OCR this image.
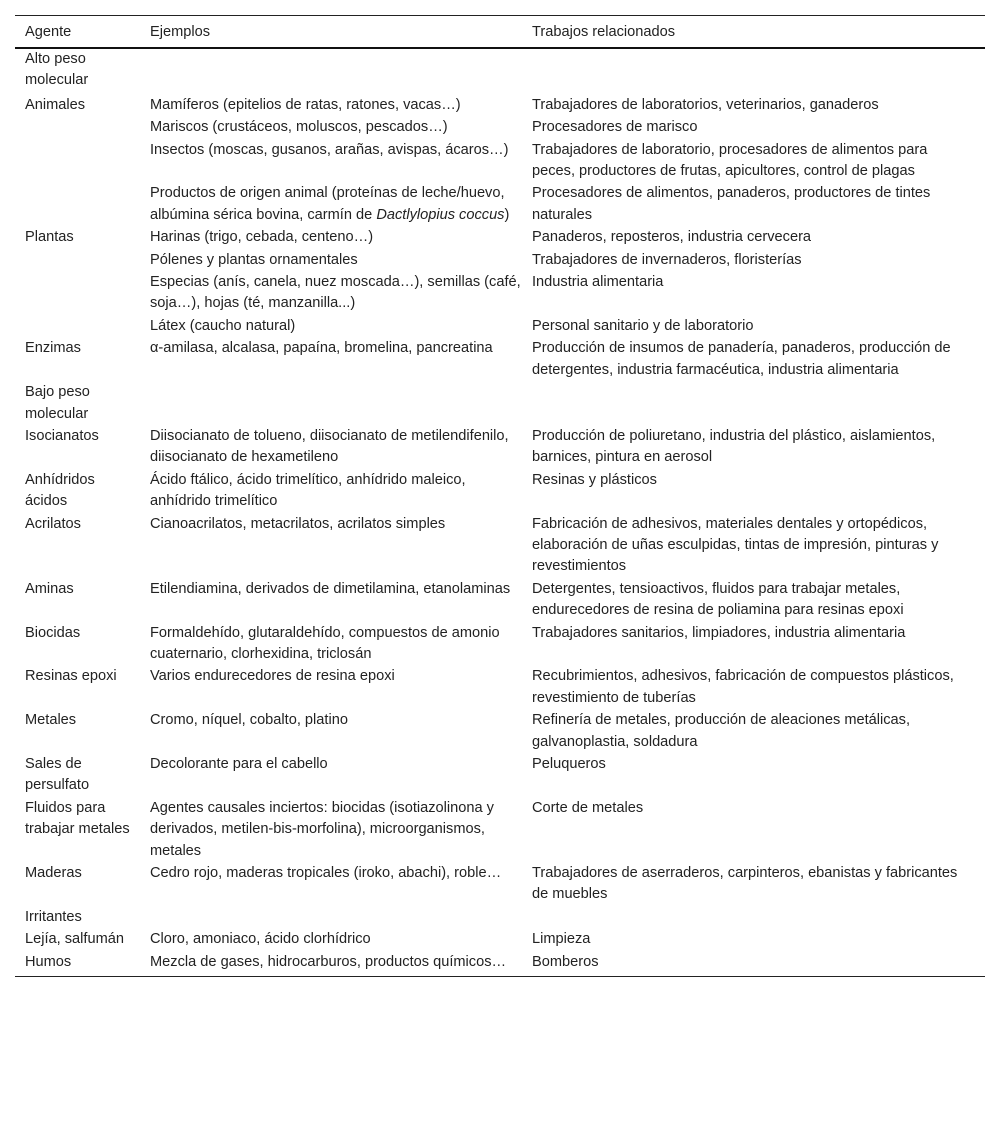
Agente	Ejemplos	Trabajos relacionados
Alto peso molecular		
Animales	Mamíferos (epitelios de ratas, ratones, vacas…)	Trabajadores de laboratorios, veterinarios, ganaderos
	Mariscos (crustáceos, moluscos, pescados…)	Procesadores de marisco
	Insectos (moscas, gusanos, arañas, avispas, ácaros…)	Trabajadores de laboratorio, procesadores de alimentos para peces, productores de frutas, apicultores, control de plagas
	Productos de origen animal (proteínas de leche/huevo, albúmina sérica bovina, carmín de Dactlylopius coccus)	Procesadores de alimentos, panaderos, productores de tintes naturales
Plantas	Harinas (trigo, cebada, centeno…)	Panaderos, reposteros, industria cervecera
	Pólenes y plantas ornamentales	Trabajadores de invernaderos, floristerías
	Especias (anís, canela, nuez moscada…), semillas (café, soja…), hojas (té, manzanilla...)	Industria alimentaria
	Látex (caucho natural)	Personal sanitario y de laboratorio
Enzimas	α-amilasa, alcalasa, papaína, bromelina, pancreatina	Producción de insumos de panadería, panaderos, producción de detergentes, industria farmacéutica, industria alimentaria
Bajo peso molecular		
Isocianatos	Diisocianato de tolueno, diisocianato de metilendifenilo, diisocianato de hexametileno	Producción de poliuretano, industria del plástico, aislamientos, barnices, pintura en aerosol
Anhídridos ácidos	Ácido ftálico, ácido trimelítico, anhídrido maleico, anhídrido trimelítico	Resinas y plásticos
Acrilatos	Cianoacrilatos, metacrilatos, acrilatos simples	Fabricación de adhesivos, materiales dentales y ortopédicos, elaboración de uñas esculpidas, tintas de impresión, pinturas y revestimientos
Aminas	Etilendiamina, derivados de dimetilamina, etanolaminas	Detergentes, tensioactivos, fluidos para trabajar metales, endurecedores de resina de poliamina para resinas epoxi
Biocidas	Formaldehído, glutaraldehído, compuestos de amonio cuaternario, clorhexidina, triclosán	Trabajadores sanitarios, limpiadores, industria alimentaria
Resinas epoxi	Varios endurecedores de resina epoxi	Recubrimientos, adhesivos, fabricación de compuestos plásticos, revestimiento de tuberías
Metales	Cromo, níquel, cobalto, platino	Refinería de metales, producción de aleaciones metálicas, galvanoplastia, soldadura
Sales de persulfato	Decolorante para el cabello	Peluqueros
Fluidos para trabajar metales	Agentes causales inciertos: biocidas (isotiazolinona y derivados, metilen-bis-morfolina), microorganismos, metales	Corte de metales
Maderas	Cedro rojo, maderas tropicales (iroko, abachi), roble…	Trabajadores de aserraderos, carpinteros, ebanistas y fabricantes de muebles
Irritantes		
Lejía, salfumán	Cloro, amoniaco, ácido clorhídrico	Limpieza
Humos	Mezcla de gases, hidrocarburos, productos químicos…	Bomberos
